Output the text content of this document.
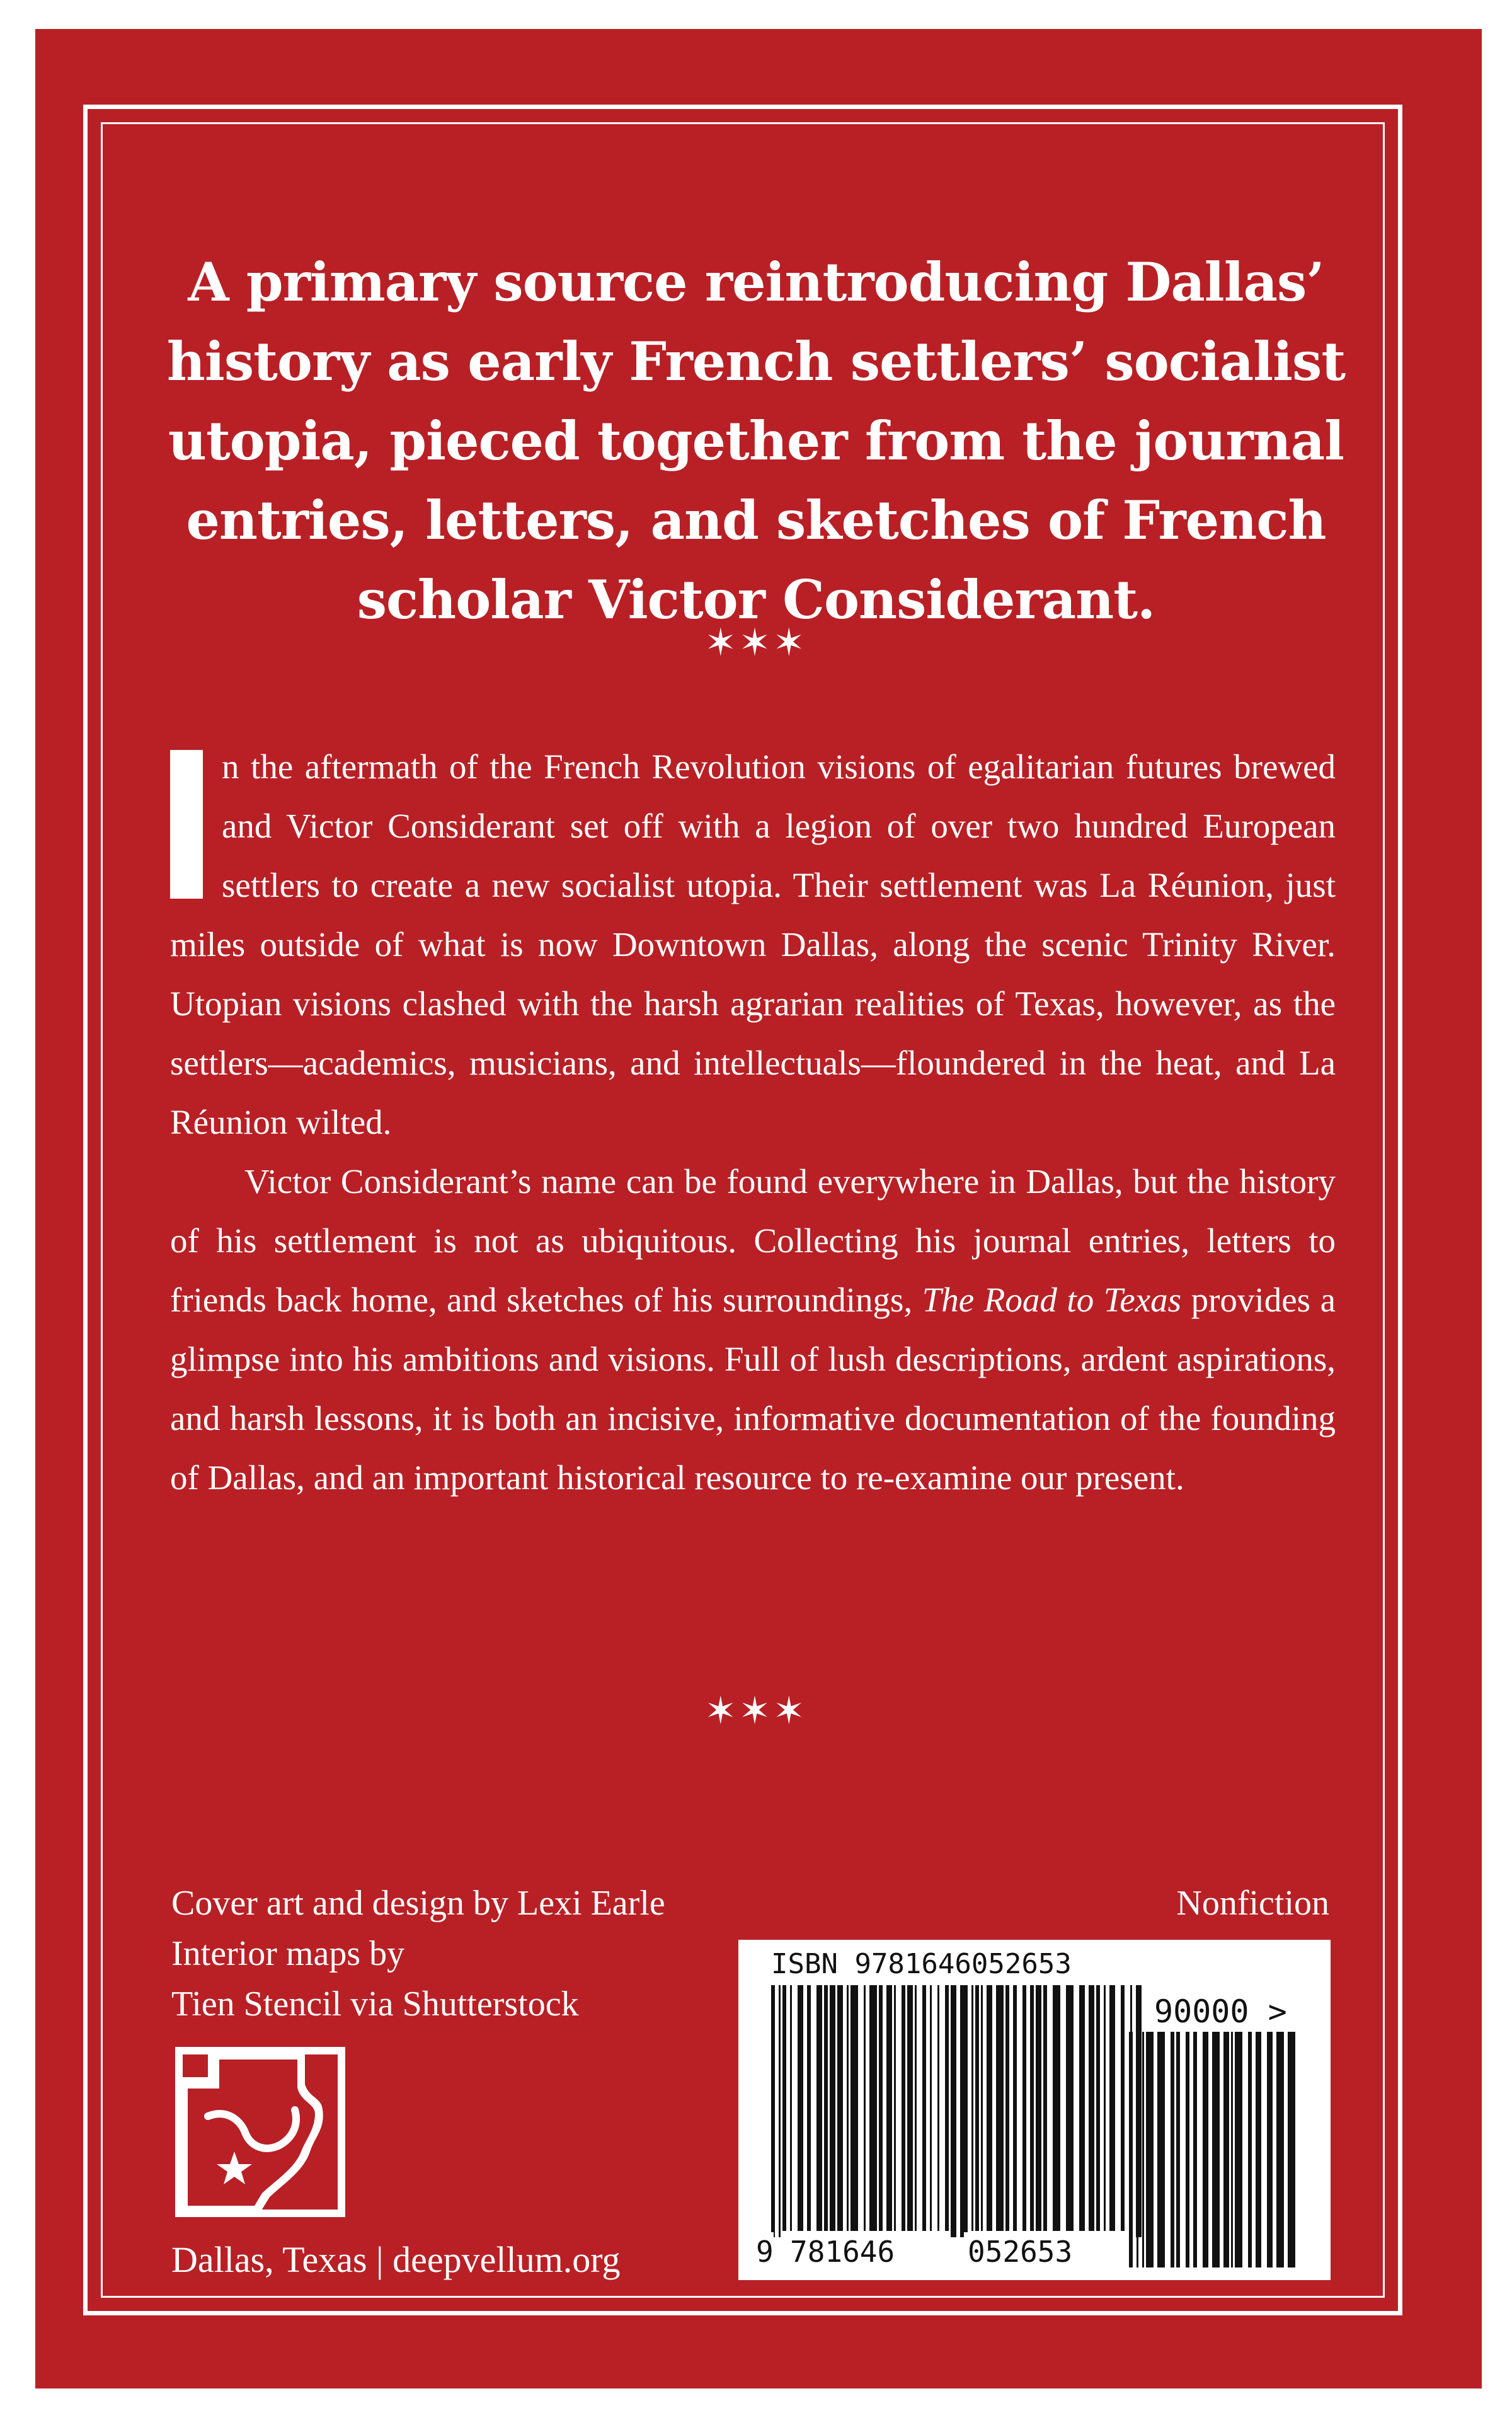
A primary source reintroducing Dallas’ history as early French settlers’ socialist utopia, pieced together from the journal entries, letters, and sketches of French scholar Victor Considerant.

✶✶✶

n the aftermath of the French Revolution visions of egalitarian futures brewed and Victor Considerant set off with a legion of over two hundred European settlers to create a new socialist utopia. Their settlement was La Réunion, just miles outside of what is now Downtown Dallas, along the scenic Trinity River. Utopian visions clashed with the harsh agrarian realities of Texas, however, as the settlers—academics, musicians, and intellectuals—floundered in the heat, and La Réunion wilted.

Victor Considerant’s name can be found everywhere in Dallas, but the history of his settlement is not as ubiquitous. Collecting his journal entries, letters to friends back home, and sketches of his surroundings, The Road to Texas provides a glimpse into his ambitions and visions. Full of lush descriptions, ardent aspirations, and harsh lessons, it is both an incisive, informative documentation of the founding of Dallas, and an important historical resource to re-examine our present.

✶✶✶
Cover art and design by Lexi Earle
Interior maps by
Tien Stencil via Shutterstock
Nonfiction
Dallas, Texas | deepvellum.org
ISBN 9781646052653
90000 >
9 781646	052653
